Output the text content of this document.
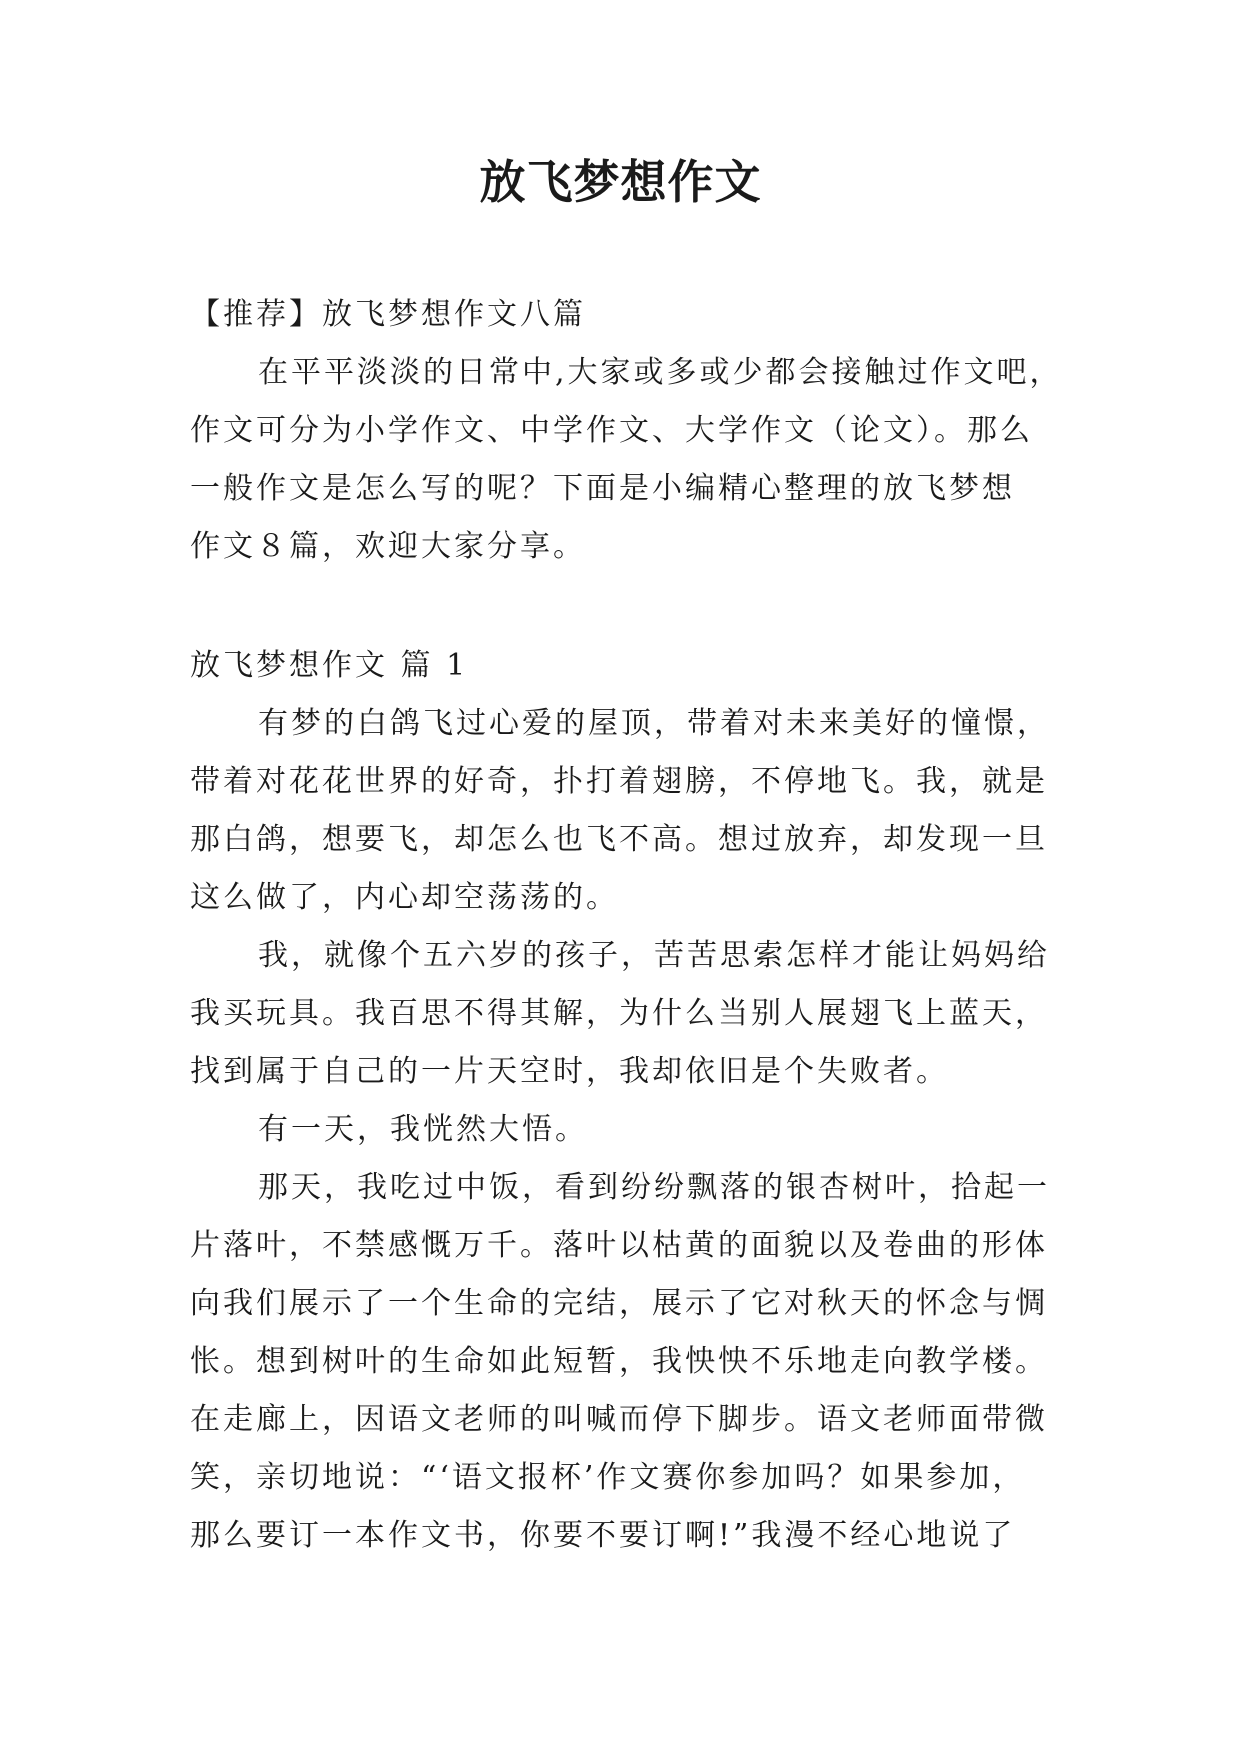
放飞梦想作文

【推荐】放飞梦想作文八篇

在平平淡淡的日常中,大家或多或少都会接触过作文吧，

作文可分为小学作文、中学作文、大学作文（论文）。那么

一般作文是怎么写的呢？下面是小编精心整理的放飞梦想

作文８篇，欢迎大家分享。

放飞梦想作文 篇 1

有梦的白鸽飞过心爱的屋顶，带着对未来美好的憧憬，

带着对花花世界的好奇，扑打着翅膀，不停地飞。我，就是

那白鸽，想要飞，却怎么也飞不高。想过放弃，却发现一旦

这么做了，内心却空荡荡的。

我，就像个五六岁的孩子，苦苦思索怎样才能让妈妈给

我买玩具。我百思不得其解，为什么当别人展翅飞上蓝天，

找到属于自己的一片天空时，我却依旧是个失败者。

有一天，我恍然大悟。

那天，我吃过中饭，看到纷纷飘落的银杏树叶，拾起一

片落叶，不禁感慨万千。落叶以枯黄的面貌以及卷曲的形体

向我们展示了一个生命的完结，展示了它对秋天的怀念与惆

怅。想到树叶的生命如此短暂，我怏怏不乐地走向教学楼。

在走廊上，因语文老师的叫喊而停下脚步。语文老师面带微

笑，亲切地说：“‘语文报杯’作文赛你参加吗？如果参加，

那么要订一本作文书，你要不要订啊!”我漫不经心地说了
